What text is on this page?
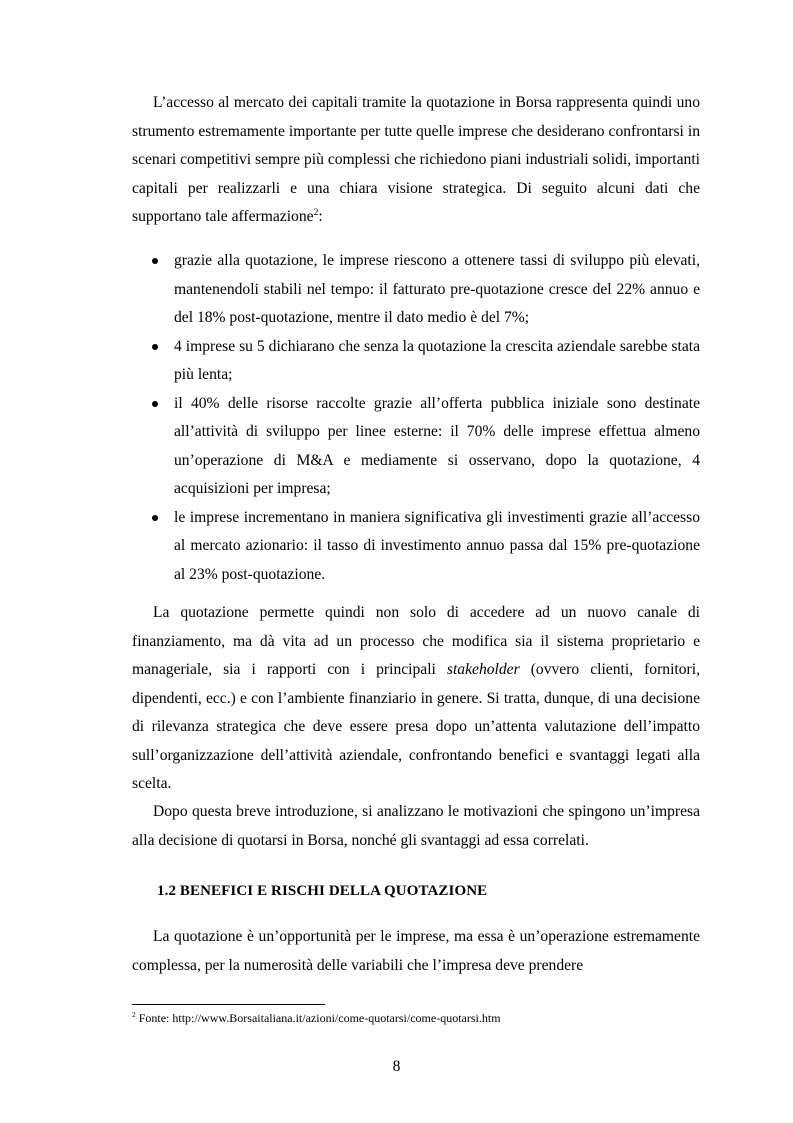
L’accesso al mercato dei capitali tramite la quotazione in Borsa rappresenta quindi uno strumento estremamente importante per tutte quelle imprese che desiderano confrontarsi in scenari competitivi sempre più complessi che richiedono piani industriali solidi, importanti capitali per realizzarli e una chiara visione strategica. Di seguito alcuni dati che supportano tale affermazione$^2$:

grazie alla quotazione, le imprese riescono a ottenere tassi di sviluppo più elevati, mantenendoli stabili nel tempo: il fatturato pre-quotazione cresce del 22% annuo e del 18% post-quotazione, mentre il dato medio è del 7%;
4 imprese su 5 dichiarano che senza la quotazione la crescita aziendale sarebbe stata più lenta;
il 40% delle risorse raccolte grazie all’offerta pubblica iniziale sono destinate all’attività di sviluppo per linee esterne: il 70% delle imprese effettua almeno un’operazione di M&A e mediamente si osservano, dopo la quotazione, 4 acquisizioni per impresa;
le imprese incrementano in maniera significativa gli investimenti grazie all’accesso al mercato azionario: il tasso di investimento annuo passa dal 15% pre-quotazione al 23% post-quotazione.

La quotazione permette quindi non solo di accedere ad un nuovo canale di finanziamento, ma dà vita ad un processo che modifica sia il sistema proprietario e manageriale, sia i rapporti con i principali stakeholder (ovvero clienti, fornitori, dipendenti, ecc.) e con l’ambiente finanziario in genere. Si tratta, dunque, di una decisione di rilevanza strategica che deve essere presa dopo un’attenta valutazione dell’impatto sull’organizzazione dell’attività aziendale, confrontando benefici e svantaggi legati alla scelta.

Dopo questa breve introduzione, si analizzano le motivazioni che spingono un’impresa alla decisione di quotarsi in Borsa, nonché gli svantaggi ad essa correlati.

1.2 BENEFICI E RISCHI DELLA QUOTAZIONE

La quotazione è un’opportunità per le imprese, ma essa è un’operazione estremamente complessa, per la numerosità delle variabili che l’impresa deve prendere

$^2$ Fonte: http://www.Borsaitaliana.it/azioni/come-quotarsi/come-quotarsi.htm

8
